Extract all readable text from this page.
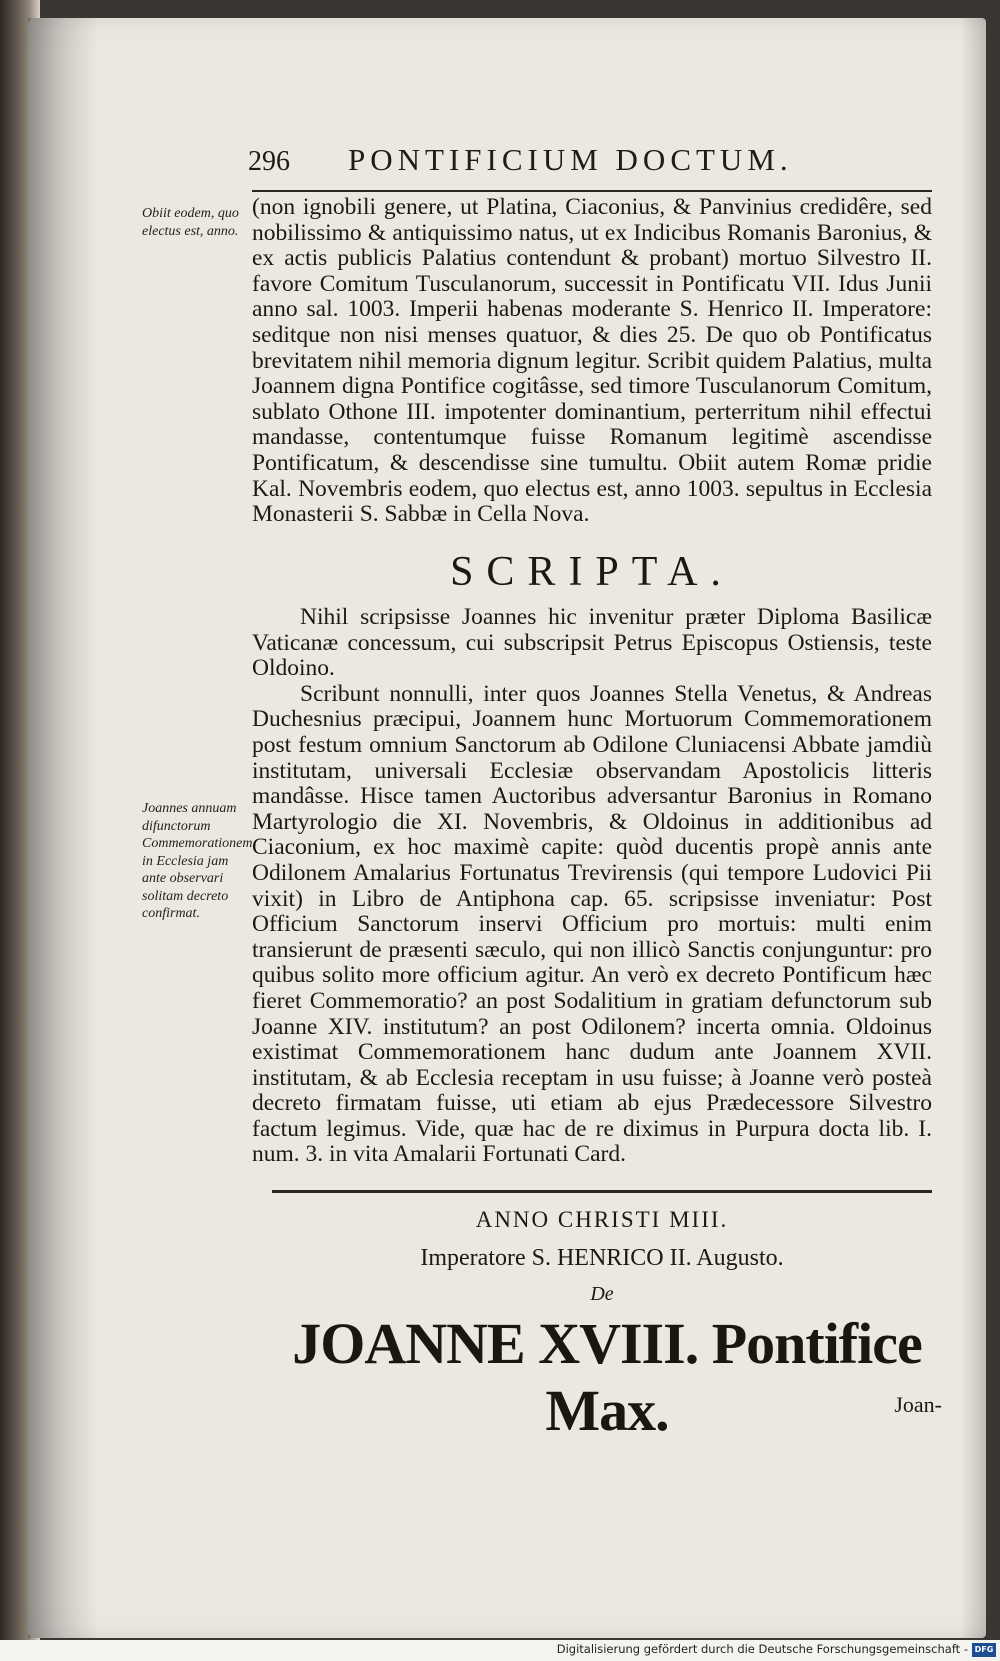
296 PONTIFICIUM DOCTUM.
Obiit eodem, quo electus est, anno.

(non ignobili genere, ut Platina, Ciaconius, & Panvinius credidêre, sed nobilissimo & antiquissimo natus, ut ex Indicibus Romanis Baronius, & ex actis publicis Palatius contendunt & probant) mortuo Silvestro II. favore Comitum Tusculanorum, successit in Pontificatu VII. Idus Junii anno sal. 1003. Imperii habenas moderante S. Henrico II. Imperatore: seditque non nisi menses quatuor, & dies 25. De quo ob Pontificatus brevitatem nihil memoria dignum legitur. Scribit quidem Palatius, multa Joannem digna Pontifice cogitâsse, sed timore Tusculanorum Comitum, sublato Othone III. impotenter dominantium, perterritum nihil effectui mandasse, contentumque fuisse Romanum legitimè ascendisse Pontificatum, & descendisse sine tumultu. Obiit autem Romæ pridie Kal. Novembris eodem, quo electus est, anno 1003. sepultus in Ecclesia Monasterii S. Sabbæ in Cella Nova.

SCRIPTA.
Joannes annuam difunctorum Commemorationem in Ecclesia jam ante observari solitam decreto confirmat.

Nihil scripsisse Joannes hic invenitur præter Diploma Basilicæ Vaticanæ concessum, cui subscripsit Petrus Episcopus Ostiensis, teste Oldoino.

Scribunt nonnulli, inter quos Joannes Stella Venetus, & Andreas Duchesnius præcipui, Joannem hunc Mortuorum Commemorationem post festum omnium Sanctorum ab Odilone Cluniacensi Abbate jamdiù institutam, universali Ecclesiæ observandam Apostolicis litteris mandâsse. Hisce tamen Auctoribus adversantur Baronius in Romano Martyrologio die XI. Novembris, & Oldoinus in additionibus ad Ciaconium, ex hoc maximè capite: quòd ducentis propè annis ante Odilonem Amalarius Fortunatus Trevirensis (qui tempore Ludovici Pii vixit) in Libro de Antiphona cap. 65. scripsisse inveniatur: Post Officium Sanctorum inservi Officium pro mortuis: multi enim transierunt de præsenti sæculo, qui non illicò Sanctis conjunguntur: pro quibus solito more officium agitur. An verò ex decreto Pontificum hæc fieret Commemoratio? an post Sodalitium in gratiam defunctorum sub Joanne XIV. institutum? an post Odilonem? incerta omnia. Oldoinus existimat Commemorationem hanc dudum ante Joannem XVII. institutam, & ab Ecclesia receptam in usu fuisse; à Joanne verò posteà decreto firmatam fuisse, uti etiam ab ejus Prædecessore Silvestro factum legimus. Vide, quæ hac de re diximus in Purpura docta lib. I. num. 3. in vita Amalarii Fortunati Card.

ANNO CHRISTI MIII.
Imperatore S. HENRICO II. Augusto.
De
JOANNE XVIII. Pontifice Max.	Joan-
Digitalisierung gefördert durch die Deutsche Forschungsgemeinschaft - DFG
